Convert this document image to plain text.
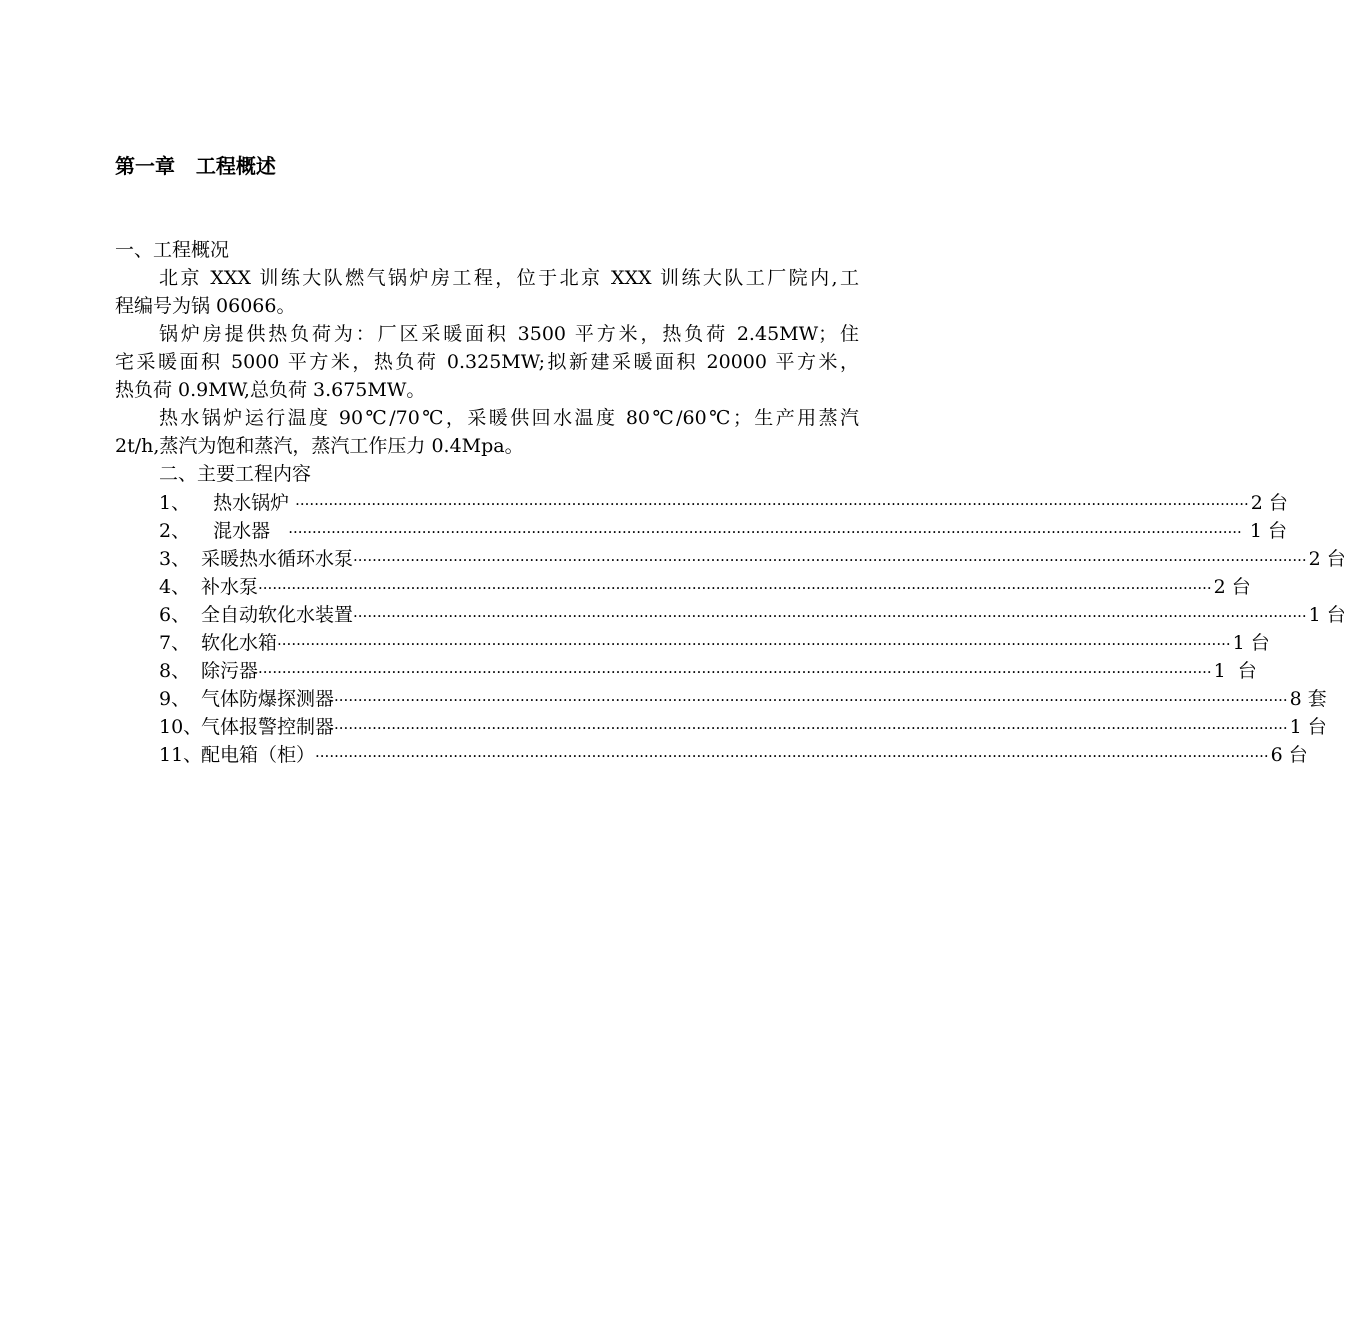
第一章   工程概述
一、工程概况
北京 XXX 训练大队燃气锅炉房工程，位于北京 XXX 训练大队工厂院内,工
程编号为锅 06066。
锅炉房提供热负荷为：厂区采暖面积 3500 平方米，热负荷 2.45MW；住
宅采暖面积 5000 平方米，热负荷 0.325MW;拟新建采暖面积 20000 平方米，
热负荷 0.9MW,总负荷 3.675MW。
热水锅炉运行温度 90℃/70℃，采暖供回水温度 80℃/60℃；生产用蒸汽
2t/h,蒸汽为饱和蒸汽，蒸汽工作压力 0.4Mpa。
二、主要工程内容
1、 热水锅炉 ········································································································································································································ 2 台
2、 混水器 ········································································································································································································ 1 台
3、 采暖热水循环水泵 ········································································································································································································ 2 台
4、 补水泵 ········································································································································································································ 2 台
6、 全自动软化水装置 ········································································································································································································ 1 台
7、 软化水箱 ········································································································································································································ 1 台
8、 除污器 ········································································································································································································ 1  台
9、 气体防爆探测器 ········································································································································································································ 8 套
10、
气体报警控制器 ········································································································································································································ 1 台
11、
配电箱（柜） ········································································································································································································ 6 台
